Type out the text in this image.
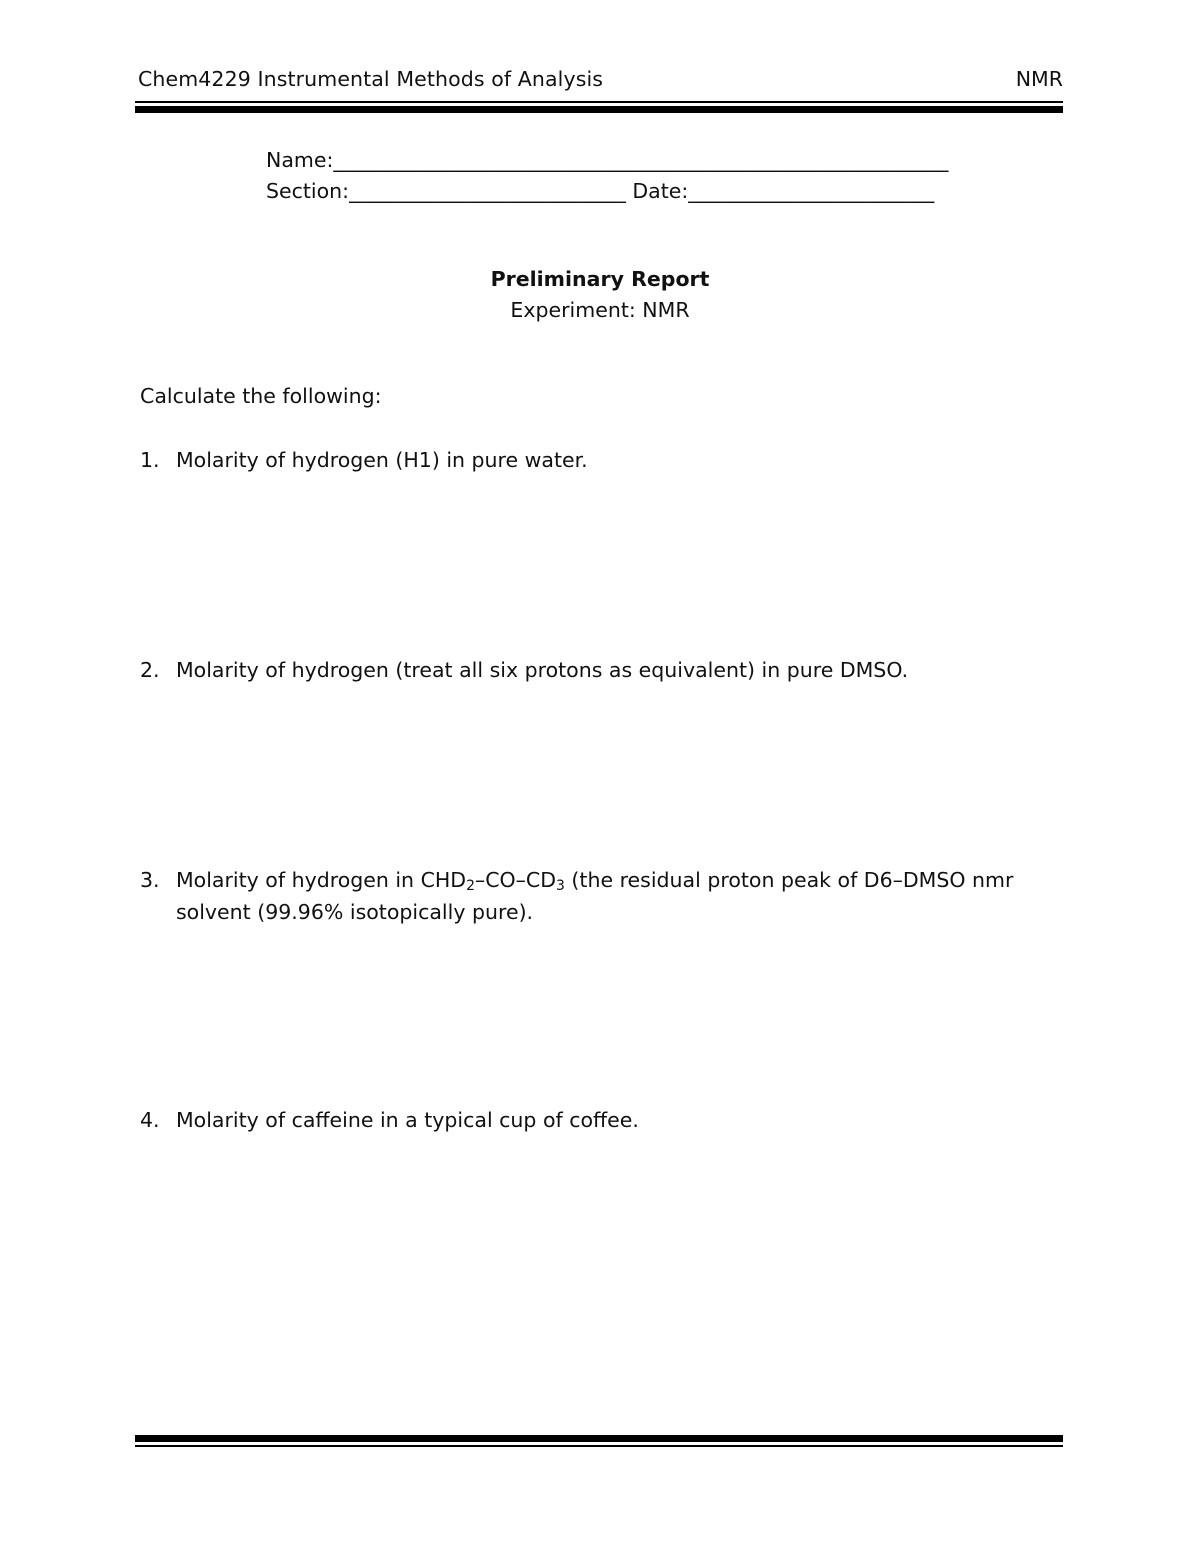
Chem4229 Instrumental Methods of Analysis	NMR
Name:____________________________________________________________
Section:___________________________ Date:________________________
Preliminary Report
Experiment: NMR
Calculate the following:
1. Molarity of hydrogen (H1) in pure water.
2. Molarity of hydrogen (treat all six protons as equivalent) in pure DMSO.
3. Molarity of hydrogen in $CHD_2-CO-CD_3$ (the residual proton peak of D6–DMSO nmr solvent (99.96% isotopically pure).
4. Molarity of caffeine in a typical cup of coffee.
